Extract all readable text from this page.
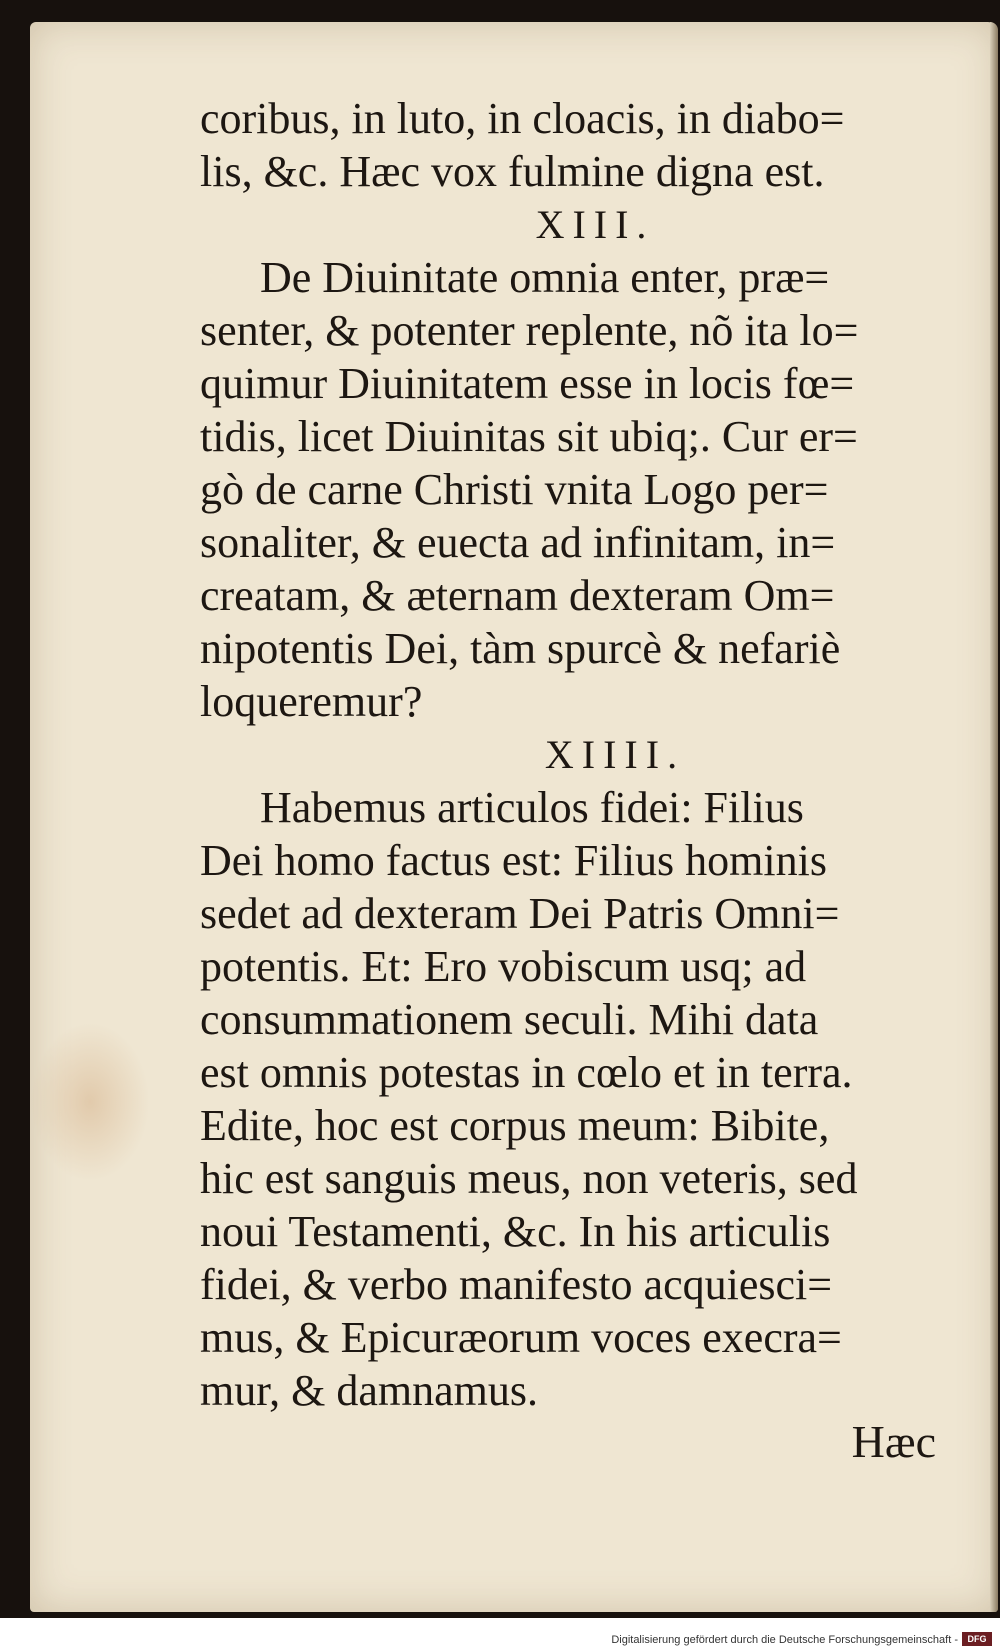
coribus, in luto, in cloacis, in diabo=
lis, &c. Hæc vox fulmine digna est.
XIII.
De Diuinitate omnia enter, præ=
senter, & potenter replente, nõ ita lo=
quimur Diuinitatem esse in locis fœ=
tidis, licet Diuinitas sit ubiq;. Cur er=
gò de carne Christi vnita Logo per=
sonaliter, & euecta ad infinitam, in=
creatam, & æternam dexteram Om=
nipotentis Dei, tàm spurcè & nefariè
loqueremur?
XIIII.
Habemus articulos fidei: Filius
Dei homo factus est: Filius hominis
sedet ad dexteram Dei Patris Omni=
potentis. Et: Ero vobiscum usq; ad
consummationem seculi. Mihi data
est omnis potestas in cœlo et in terra.
Edite, hoc est corpus meum: Bibite,
hic est sanguis meus, non veteris, sed
noui Testamenti, &c. In his articulis
fidei, & verbo manifesto acquiesci=
mus, & Epicuræorum voces execra=
mur, & damnamus.
Hæc
Digitalisierung gefördert durch die Deutsche Forschungsgemeinschaft -	DFG
